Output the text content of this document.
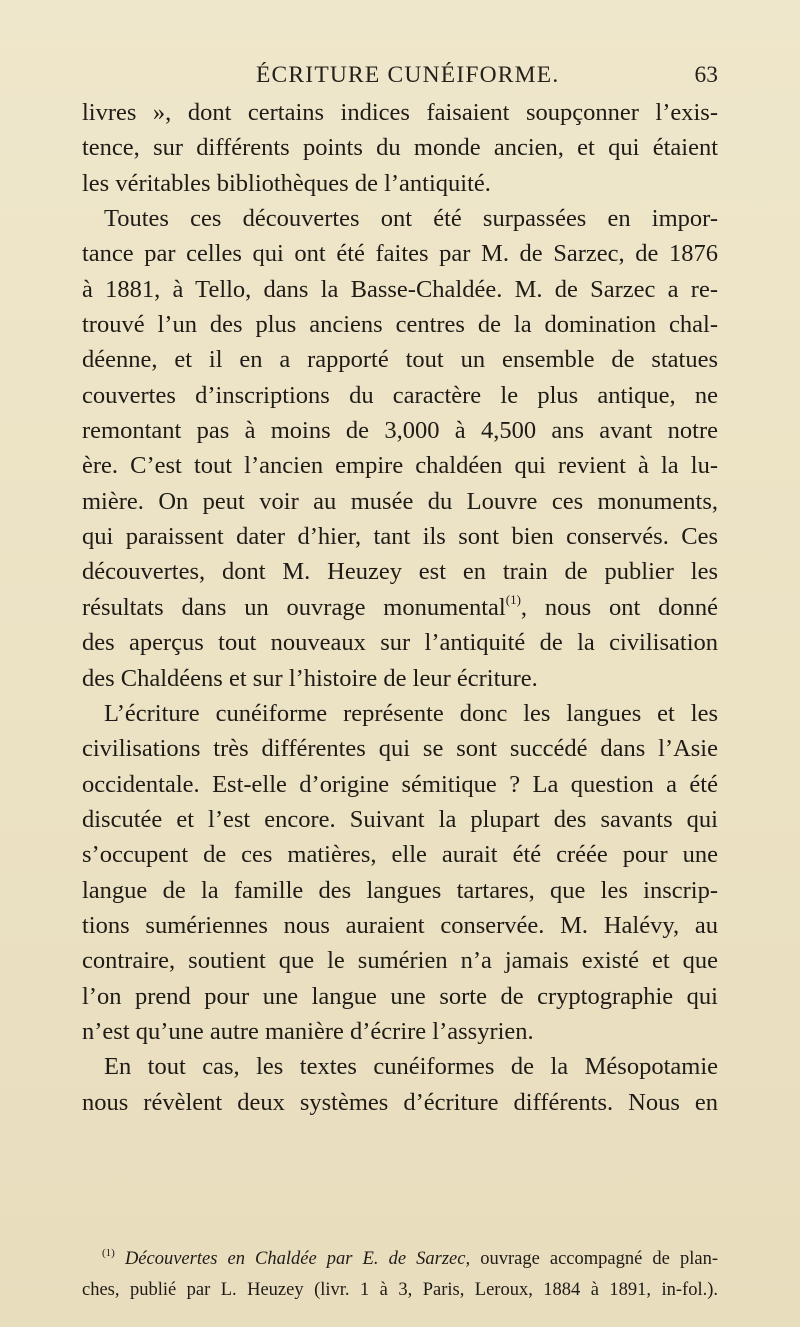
ÉCRITURE CUNÉIFORME.	63
livres », dont certains indices faisaient soupçonner l’exis-
tence, sur différents points du monde ancien, et qui étaient
les véritables bibliothèques de l’antiquité.
Toutes ces découvertes ont été surpassées en impor-
tance par celles qui ont été faites par M. de Sarzec, de 1876
à 1881, à Tello, dans la Basse-Chaldée. M. de Sarzec a re-
trouvé l’un des plus anciens centres de la domination chal-
déenne, et il en a rapporté tout un ensemble de statues
couvertes d’inscriptions du caractère le plus antique, ne
remontant pas à moins de 3,000 à 4,500 ans avant notre
ère. C’est tout l’ancien empire chaldéen qui revient à la lu-
mière. On peut voir au musée du Louvre ces monuments,
qui paraissent dater d’hier, tant ils sont bien conservés. Ces
découvertes, dont M. Heuzey est en train de publier les
résultats dans un ouvrage monumental$^{(1)}$, nous ont donné
des aperçus tout nouveaux sur l’antiquité de la civilisation
des Chaldéens et sur l’histoire de leur écriture.
L’écriture cunéiforme représente donc les langues et les
civilisations très différentes qui se sont succédé dans l’Asie
occidentale. Est-elle d’origine sémitique ? La question a été
discutée et l’est encore. Suivant la plupart des savants qui
s’occupent de ces matières, elle aurait été créée pour une
langue de la famille des langues tartares, que les inscrip-
tions sumériennes nous auraient conservée. M. Halévy, au
contraire, soutient que le sumérien n’a jamais existé et que
l’on prend pour une langue une sorte de cryptographie qui
n’est qu’une autre manière d’écrire l’assyrien.
En tout cas, les textes cunéiformes de la Mésopotamie
nous révèlent deux systèmes d’écriture différents. Nous en
$^{(1)}$ Découvertes en Chaldée par E. de Sarzec, ouvrage accompagné de plan-
ches, publié par L. Heuzey (livr. 1 à 3, Paris, Leroux, 1884 à 1891, in-fol.).
